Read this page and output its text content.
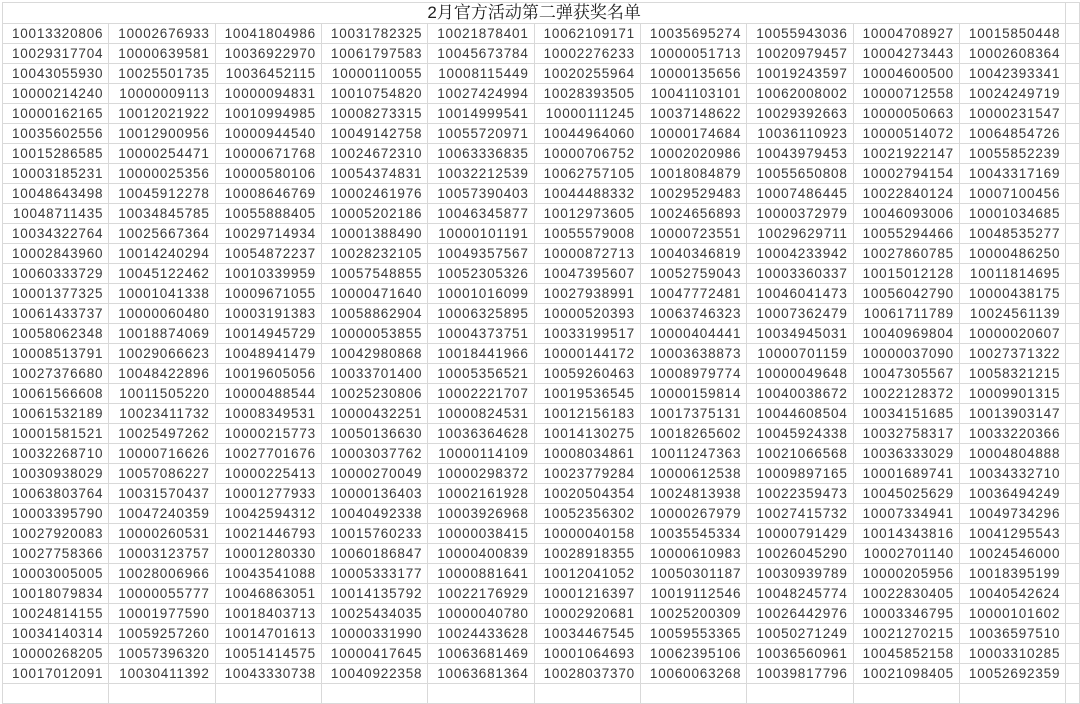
2月官方活动第二弹获奖名单
10013320806	10002676933	10041804986	10031782325	10021878401	10062109171	10035695274	10055943036	10004708927	10015850448
10029317704	10000639581	10036922970	10061797583	10045673784	10002276233	10000051713	10020979457	10004273443	10002608364
10043055930	10025501735	10036452115	10000110055	10008115449	10020255964	10000135656	10019243597	10004600500	10042393341
10000214240	10000009113	10000094831	10010754820	10027424994	10028393505	10041103101	10062008002	10000712558	10024249719
10000162165	10012021922	10010994985	10008273315	10014999541	10000111245	10037148622	10029392663	10000050663	10000231547
10035602556	10012900956	10000944540	10049142758	10055720971	10044964060	10000174684	10036110923	10000514072	10064854726
10015286585	10000254471	10000671768	10024672310	10063336835	10000706752	10002020986	10043979453	10021922147	10055852239
10003185231	10000025356	10000580106	10054374831	10032212539	10062757105	10018084879	10055650808	10002794154	10043317169
10048643498	10045912278	10008646769	10002461976	10057390403	10044488332	10029529483	10007486445	10022840124	10007100456
10048711435	10034845785	10055888405	10005202186	10046345877	10012973605	10024656893	10000372979	10046093006	10001034685
10034322764	10025667364	10029714934	10001388490	10000101191	10055579008	10000723551	10029629711	10055294466	10048535277
10002843960	10014240294	10054872237	10028232105	10049357567	10000872713	10040346819	10004233942	10027860785	10000486250
10060333729	10045122462	10010339959	10057548855	10052305326	10047395607	10052759043	10003360337	10015012128	10011814695
10001377325	10001041338	10009671055	10000471640	10001016099	10027938991	10047772481	10046041473	10056042790	10000438175
10061433737	10000060480	10003191383	10058862904	10006325895	10000520393	10063746323	10007362479	10061711789	10024561139
10058062348	10018874069	10014945729	10000053855	10004373751	10033199517	10000404441	10034945031	10040969804	10000020607
10008513791	10029066623	10048941479	10042980868	10018441966	10000144172	10003638873	10000701159	10000037090	10027371322
10027376680	10048422896	10019605056	10033701400	10005356521	10059260463	10008979774	10000049648	10047305567	10058321215
10061566608	10011505220	10000488544	10025230806	10002221707	10019536545	10000159814	10040038672	10022128372	10009901315
10061532189	10023411732	10008349531	10000432251	10000824531	10012156183	10017375131	10044608504	10034151685	10013903147
10001581521	10025497262	10000215773	10050136630	10036364628	10014130275	10018265602	10045924338	10032758317	10033220366
10032268710	10000716626	10027701676	10003037762	10000114109	10008034861	10011247363	10021066568	10036333029	10004804888
10030938029	10057086227	10000225413	10000270049	10000298372	10023779284	10000612538	10009897165	10001689741	10034332710
10063803764	10031570437	10001277933	10000136403	10002161928	10020504354	10024813938	10022359473	10045025629	10036494249
10003395790	10047240359	10042594312	10040492338	10003926968	10052356302	10000267979	10027415732	10007334941	10049734296
10027920083	10000260531	10021446793	10015760233	10000038415	10000040158	10035545334	10000791429	10014343816	10041295543
10027758366	10003123757	10001280330	10060186847	10000400839	10028918355	10000610983	10026045290	10002701140	10024546000
10003005005	10028006966	10043541088	10005333177	10000881641	10012041052	10050301187	10030939789	10000205956	10018395199
10018079834	10000055777	10046863051	10014135792	10022176929	10001216397	10019112546	10048245774	10022830405	10040542624
10024814155	10001977590	10018403713	10025434035	10000040780	10002920681	10025200309	10026442976	10003346795	10000101602
10034140314	10059257260	10014701613	10000331990	10024433628	10034467545	10059553365	10050271249	10021270215	10036597510
10000268205	10057396320	10051414575	10000417645	10063681469	10001064693	10062395106	10036560961	10045852158	10003310285
10017012091	10030411392	10043330738	10040922358	10063681364	10028037370	10060063268	10039817796	10021098405	10052692359
